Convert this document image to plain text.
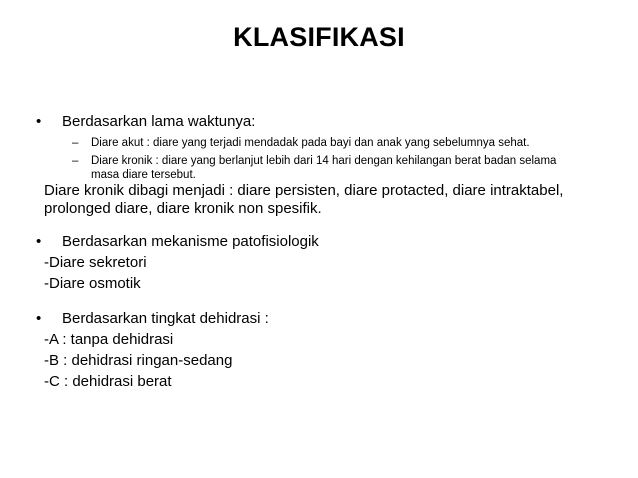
KLASIFIKASI
• Berdasarkan lama waktunya:
– Diare akut : diare yang terjadi mendadak pada bayi dan anak yang sebelumnya sehat.
– Diare kronik : diare yang berlanjut lebih dari 14 hari dengan kehilangan berat badan selama
masa diare tersebut.
Diare kronik dibagi menjadi : diare persisten, diare protacted, diare intraktabel,
prolonged diare, diare kronik non spesifik.
• Berdasarkan mekanisme patofisiologik
-Diare sekretori
-Diare osmotik
• Berdasarkan tingkat dehidrasi :
-A : tanpa dehidrasi
-B : dehidrasi ringan-sedang
-C : dehidrasi berat
